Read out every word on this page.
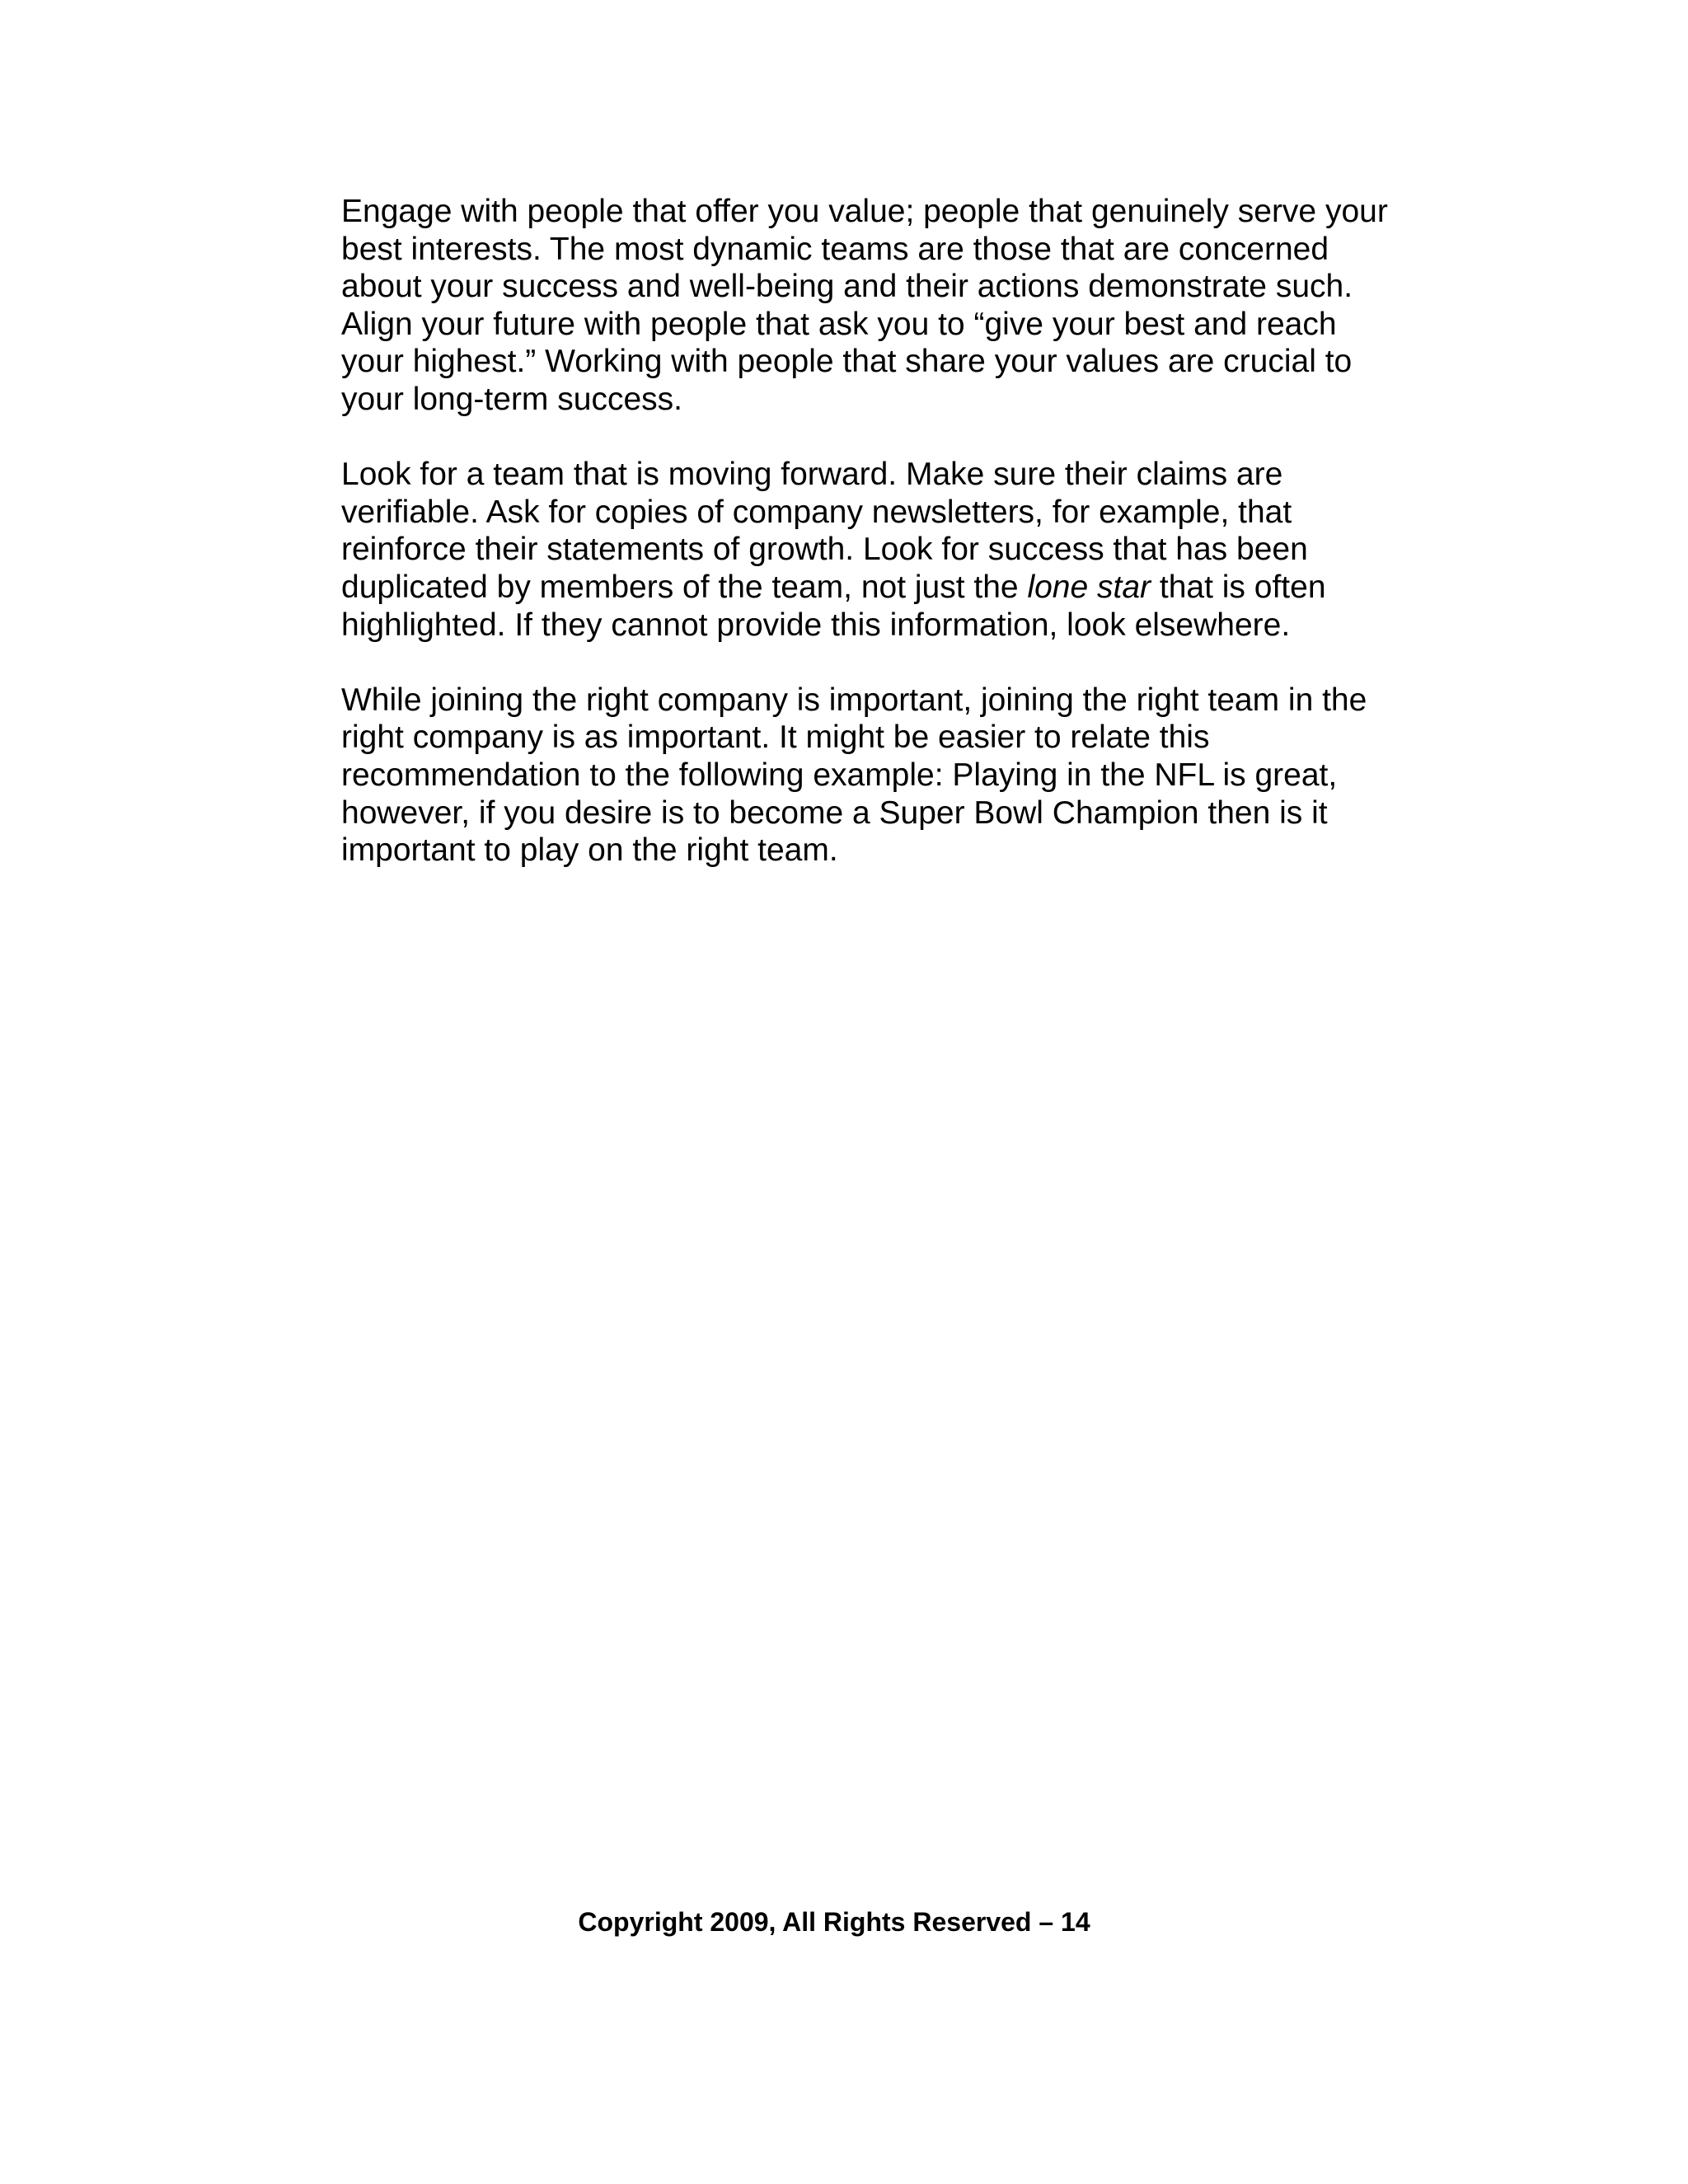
Engage with people that offer you value; people that genuinely serve your
best interests. The most dynamic teams are those that are concerned
about your success and well-being and their actions demonstrate such.
Align your future with people that ask you to “give your best and reach
your highest.” Working with people that share your values are crucial to
your long-term success.

Look for a team that is moving forward. Make sure their claims are
verifiable. Ask for copies of company newsletters, for example, that
reinforce their statements of growth. Look for success that has been
duplicated by members of the team, not just the lone star that is often
highlighted. If they cannot provide this information, look elsewhere.

While joining the right company is important, joining the right team in the
right company is as important. It might be easier to relate this
recommendation to the following example: Playing in the NFL is great,
however, if you desire is to become a Super Bowl Champion then is it
important to play on the right team.

Copyright 2009, All Rights Reserved – 14
